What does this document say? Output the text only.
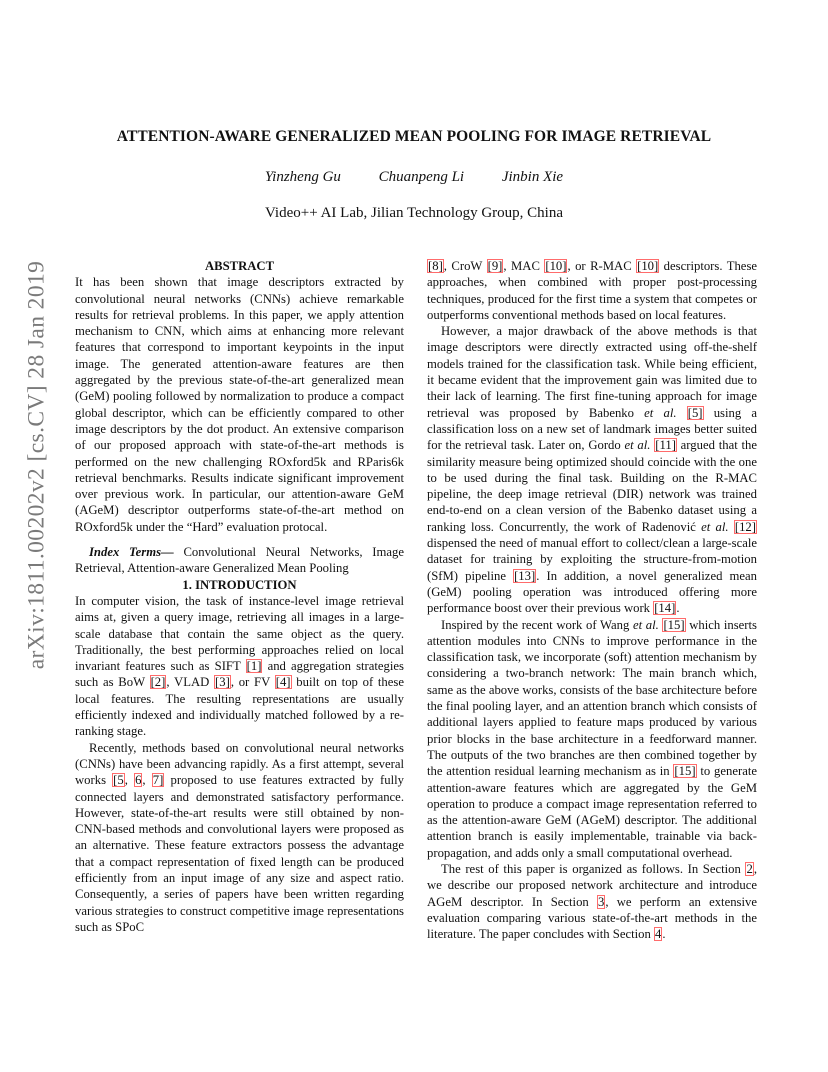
ATTENTION-AWARE GENERALIZED MEAN POOLING FOR IMAGE RETRIEVAL
Yinzheng Gu	Chuanpeng Li	Jinbin Xie
Video++ AI Lab, Jilian Technology Group, China
arXiv:1811.00202v2 [cs.CV] 28 Jan 2019	ABSTRACT

It has been shown that image descriptors extracted by convolutional neural networks (CNNs) achieve remarkable results for retrieval problems. In this paper, we apply attention mechanism to CNN, which aims at enhancing more relevant features that correspond to important keypoints in the input image. The generated attention-aware features are then aggregated by the previous state-of-the-art generalized mean (GeM) pooling followed by normalization to produce a compact global descriptor, which can be efficiently compared to other image descriptors by the dot product. An extensive comparison of our proposed approach with state-of-the-art methods is performed on the new challenging ROxford5k and RParis6k retrieval benchmarks. Results indicate significant improvement over previous work. In particular, our attention-aware GeM (AGeM) descriptor outperforms state-of-the-art method on ROxford5k under the “Hard” evaluation protocal.

Index Terms— Convolutional Neural Networks, Image Retrieval, Attention-aware Generalized Mean Pooling

1. INTRODUCTION

In computer vision, the task of instance-level image retrieval aims at, given a query image, retrieving all images in a large-scale database that contain the same object as the query. Traditionally, the best performing approaches relied on local invariant features such as SIFT [1] and aggregation strategies such as BoW [2], VLAD [3], or FV [4] built on top of these local features. The resulting representations are usually efficiently indexed and individually matched followed by a re-ranking stage.

Recently, methods based on convolutional neural networks (CNNs) have been advancing rapidly. As a first attempt, several works [5, 6, 7] proposed to use features extracted by fully connected layers and demonstrated satisfactory performance. However, state-of-the-art results were still obtained by non-CNN-based methods and convolutional layers were proposed as an alternative. These feature extractors possess the advantage that a compact representation of fixed length can be produced efficiently from an input image of any size and aspect ratio. Consequently, a series of papers have been written regarding various strategies to construct competitive image representations such as SPoC

[8], CroW [9], MAC [10], or R-MAC [10] descriptors. These approaches, when combined with proper post-processing techniques, produced for the first time a system that competes or outperforms conventional methods based on local features.

However, a major drawback of the above methods is that image descriptors were directly extracted using off-the-shelf models trained for the classification task. While being efficient, it became evident that the improvement gain was limited due to their lack of learning. The first fine-tuning approach for image retrieval was proposed by Babenko et al. [5] using a classification loss on a new set of landmark images better suited for the retrieval task. Later on, Gordo et al. [11] argued that the similarity measure being optimized should coincide with the one to be used during the final task. Building on the R-MAC pipeline, the deep image retrieval (DIR) network was trained end-to-end on a clean version of the Babenko dataset using a ranking loss. Concurrently, the work of Radenović et al. [12] dispensed the need of manual effort to collect/clean a large-scale dataset for training by exploiting the structure-from-motion (SfM) pipeline [13]. In addition, a novel generalized mean (GeM) pooling operation was introduced offering more performance boost over their previous work [14].

Inspired by the recent work of Wang et al. [15] which inserts attention modules into CNNs to improve performance in the classification task, we incorporate (soft) attention mechanism by considering a two-branch network: The main branch which, same as the above works, consists of the base architecture before the final pooling layer, and an attention branch which consists of additional layers applied to feature maps produced by various prior blocks in the base architecture in a feedforward manner. The outputs of the two branches are then combined together by the attention residual learning mechanism as in [15] to generate attention-aware features which are aggregated by the GeM operation to produce a compact image representation referred to as the attention-aware GeM (AGeM) descriptor. The additional attention branch is easily implementable, trainable via back-propagation, and adds only a small computational overhead.

The rest of this paper is organized as follows. In Section 2, we describe our proposed network architecture and introduce AGeM descriptor. In Section 3, we perform an extensive evaluation comparing various state-of-the-art methods in the literature. The paper concludes with Section 4.
